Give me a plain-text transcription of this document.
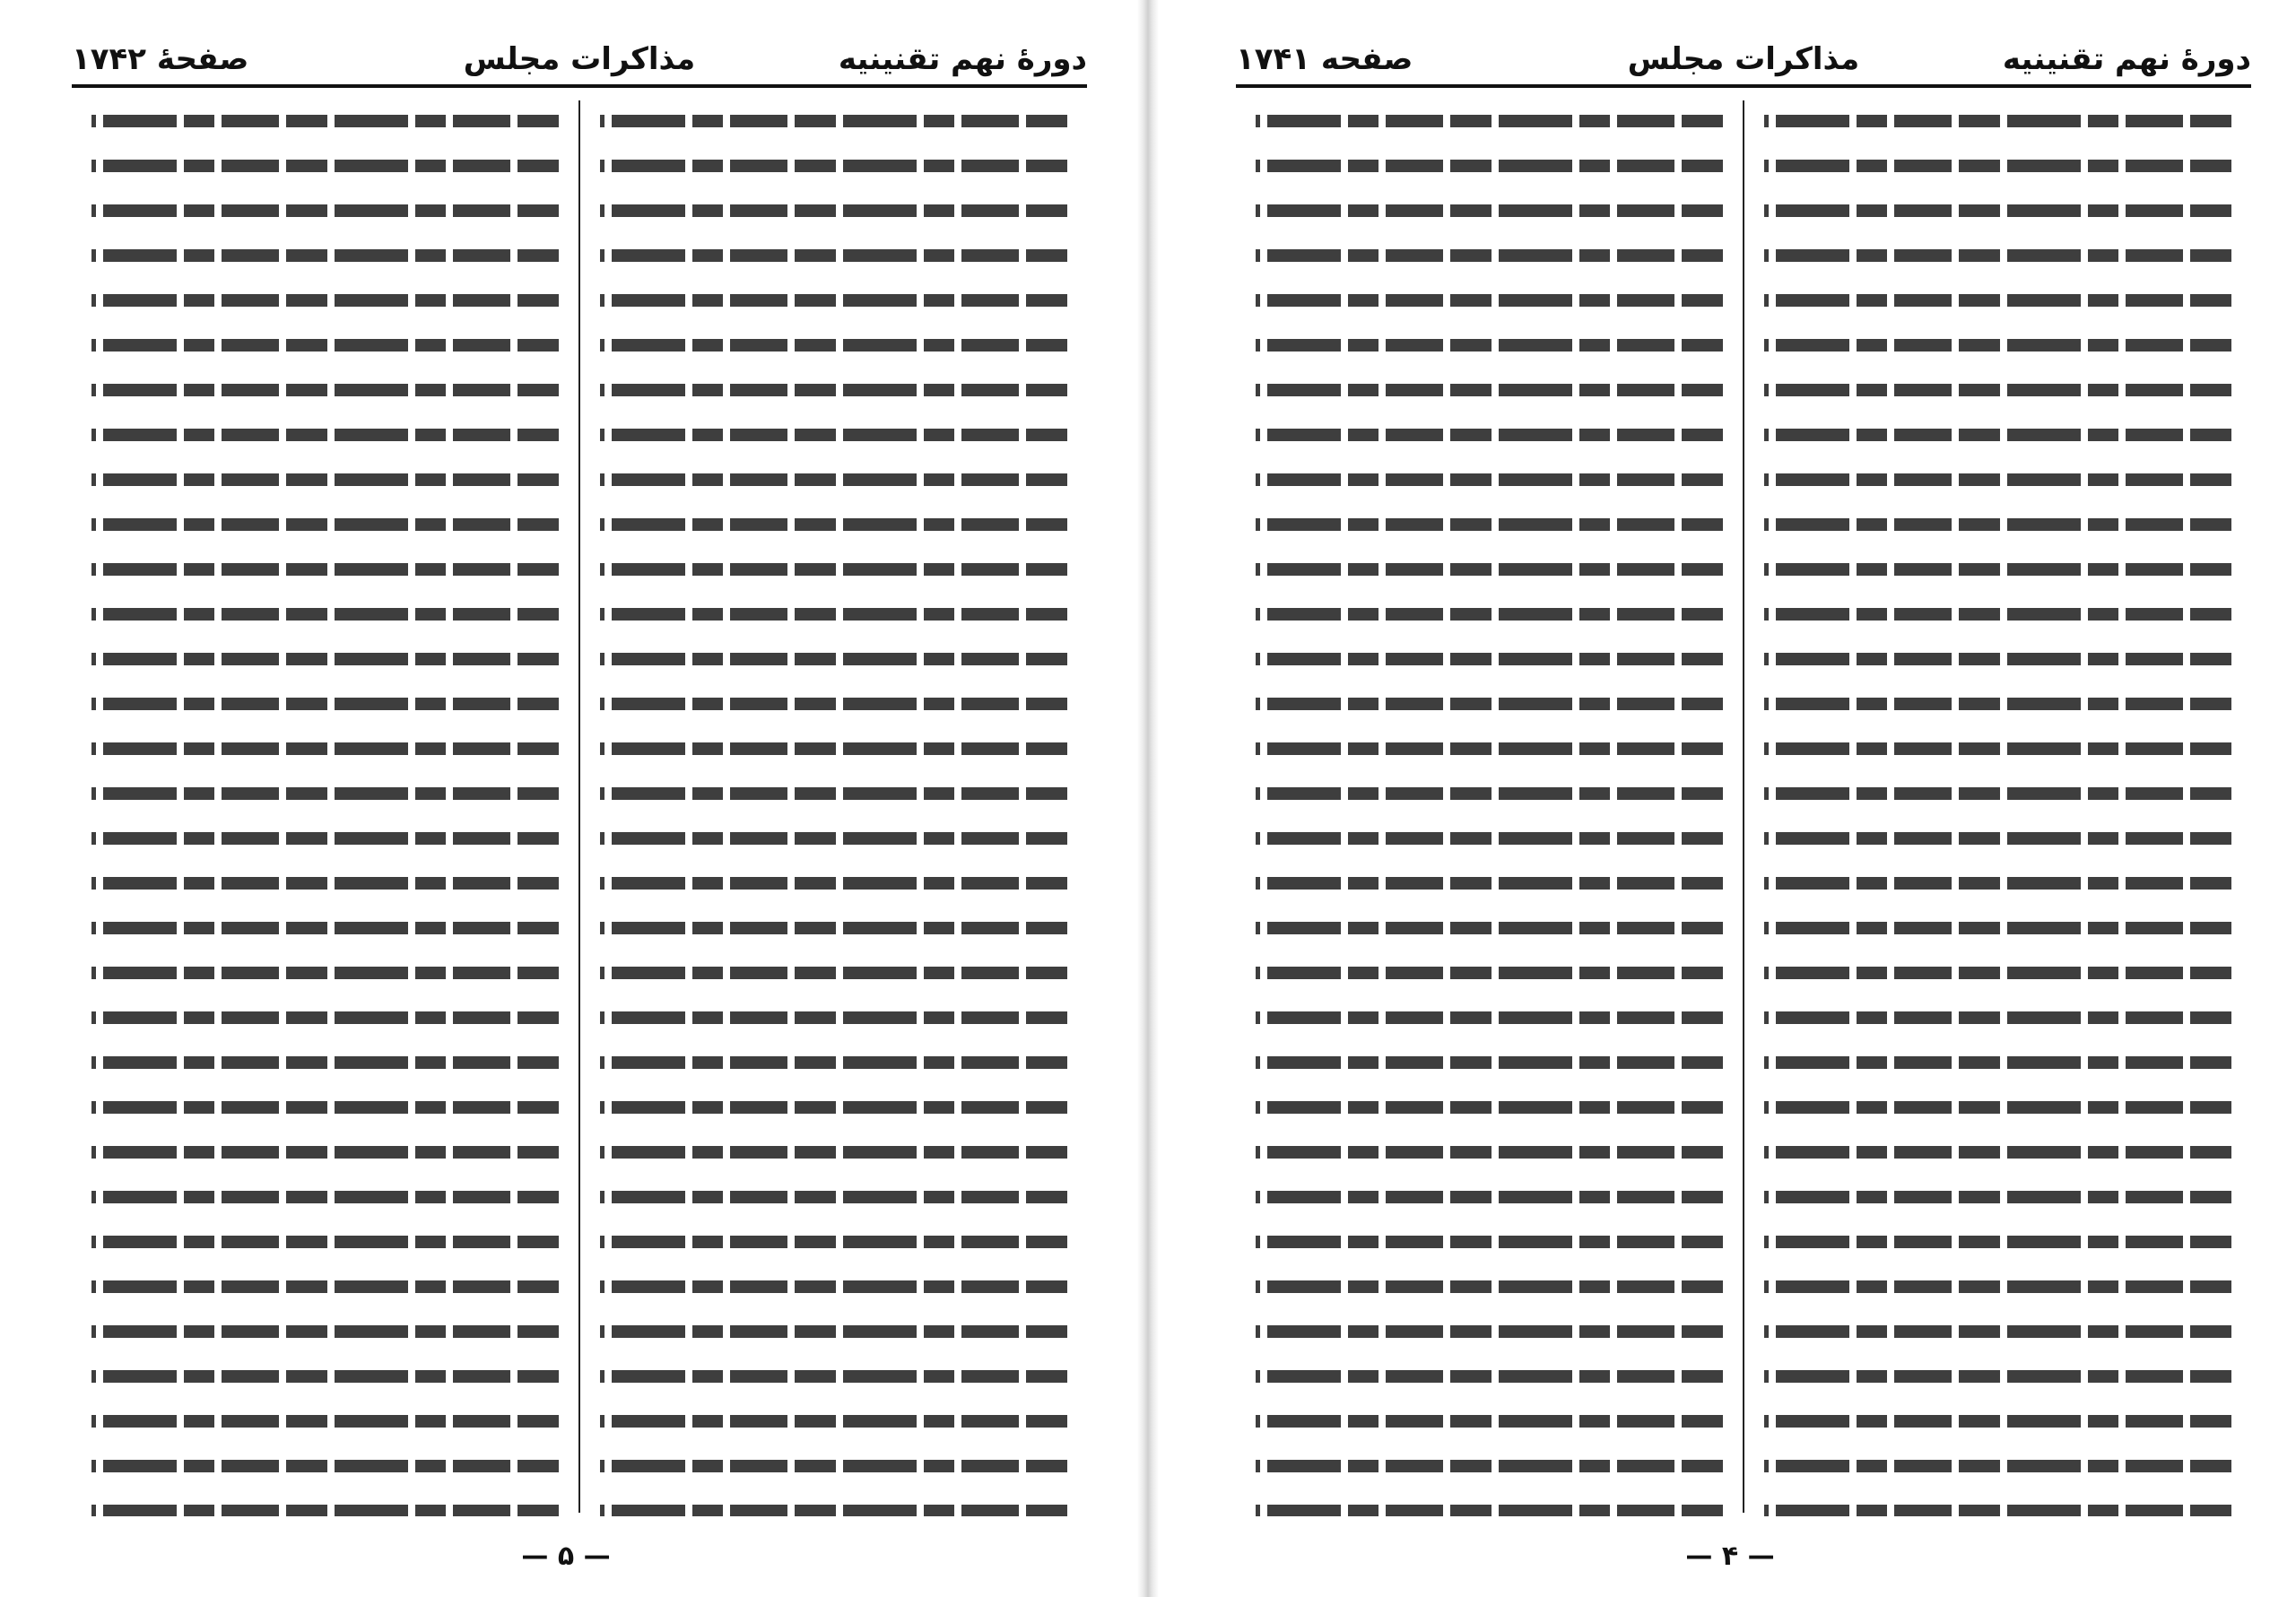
دورهٔ نهم تقنینیه
مذاکرات مجلس
صفحهٔ ۱۷۴۲
— ۵ —
دورهٔ نهم تقنینیه
مذاکرات مجلس
صفحه ۱۷۴۱
— ۴ —
